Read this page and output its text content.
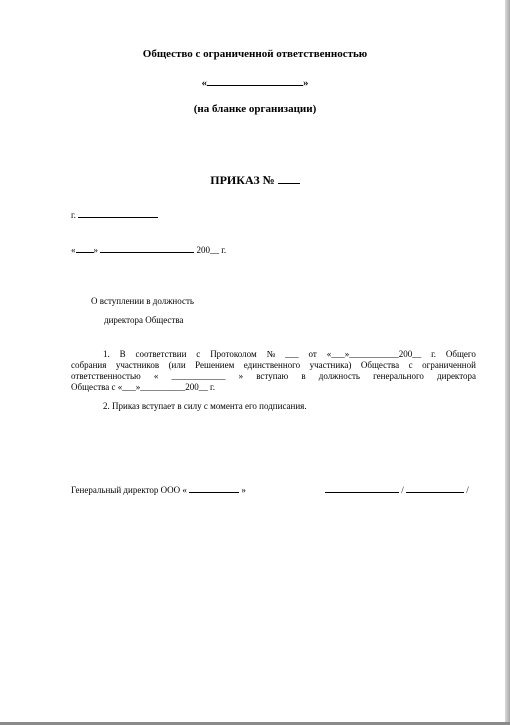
Общество с ограниченной ответственностью
«	»
(на бланке организации)
ПРИКАЗ №
г.
« »	200__ г.
О вступлении в должность
директора Общества
1. В соответствии с Протоколом № ___ от «___»___________200__ г. Общего
собрания участников (или Решением единственного участника) Общества с ограниченной
ответственностью « ____________ » вступаю в должность генерального директора
Общества с «___»__________200__ г.
2. Приказ вступает в силу с момента его подписания.
Генеральный директор ООО «	»	/	/
